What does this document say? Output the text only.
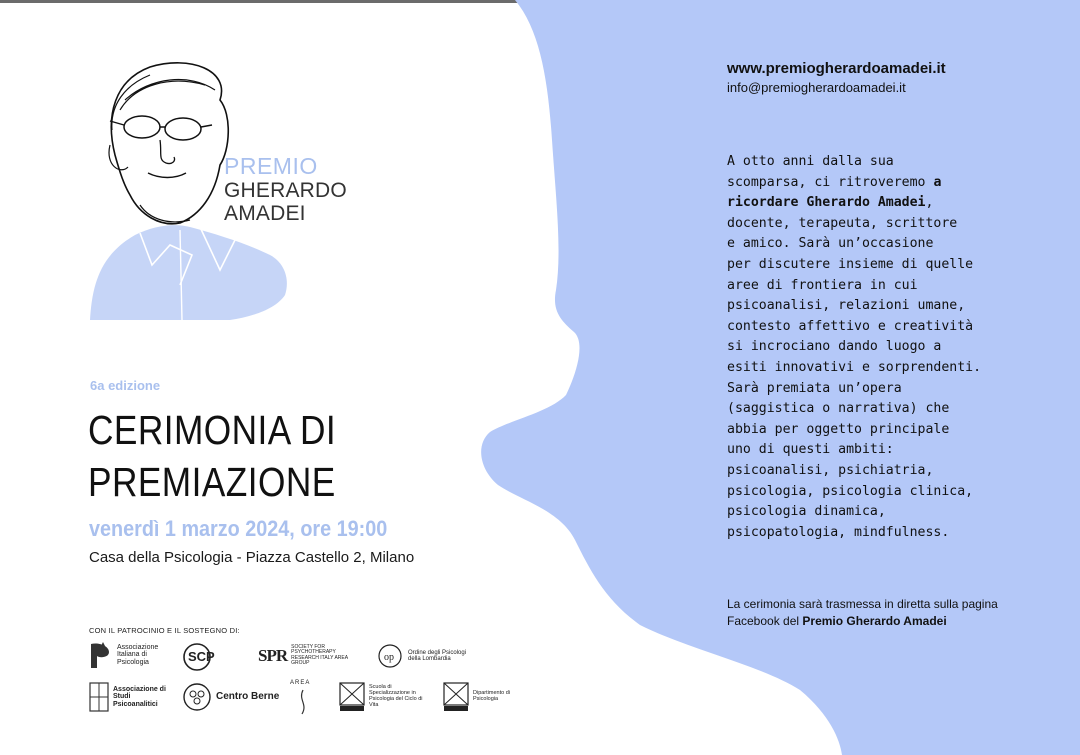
PREMIO
GHERARDO
AMADEI
6a edizione
CERIMONIA DI
PREMIAZIONE
venerdì 1 marzo 2024, ore 19:00
Casa della Psicologia - Piazza Castello 2, Milano
CON IL PATROCINIO E IL SOSTEGNO DI:
Associazione Italiana di Psicologia	SCP	SPR SOCIETY FOR PSYCHOTHERAPY RESEARCH ITALY AREA GROUP	op Ordine degli Psicologi della Lombardia
Associazione di Studi Psicoanalitici
Centro Berne
AREA
Scuola di Specializzazione in Psicologia del Ciclo di Vita
Dipartimento di Psicologia
www.premiogherardoamadei.it
info@premiogherardoamadei.it
A otto anni dalla sua
scomparsa, ci ritroveremo a
ricordare Gherardo Amadei,
docente, terapeuta, scrittore
e amico. Sarà un’occasione
per discutere insieme di quelle
aree di frontiera in cui
psicoanalisi, relazioni umane,
contesto affettivo e creatività
si incrociano dando luogo a
esiti innovativi e sorprendenti.
Sarà premiata un’opera
(saggistica o narrativa) che
abbia per oggetto principale
uno di questi ambiti:
psicoanalisi, psichiatria,
psicologia, psicologia clinica,
psicologia dinamica,
psicopatologia, mindfulness.
La cerimonia sarà trasmessa in diretta sulla pagina Facebook del Premio Gherardo Amadei
